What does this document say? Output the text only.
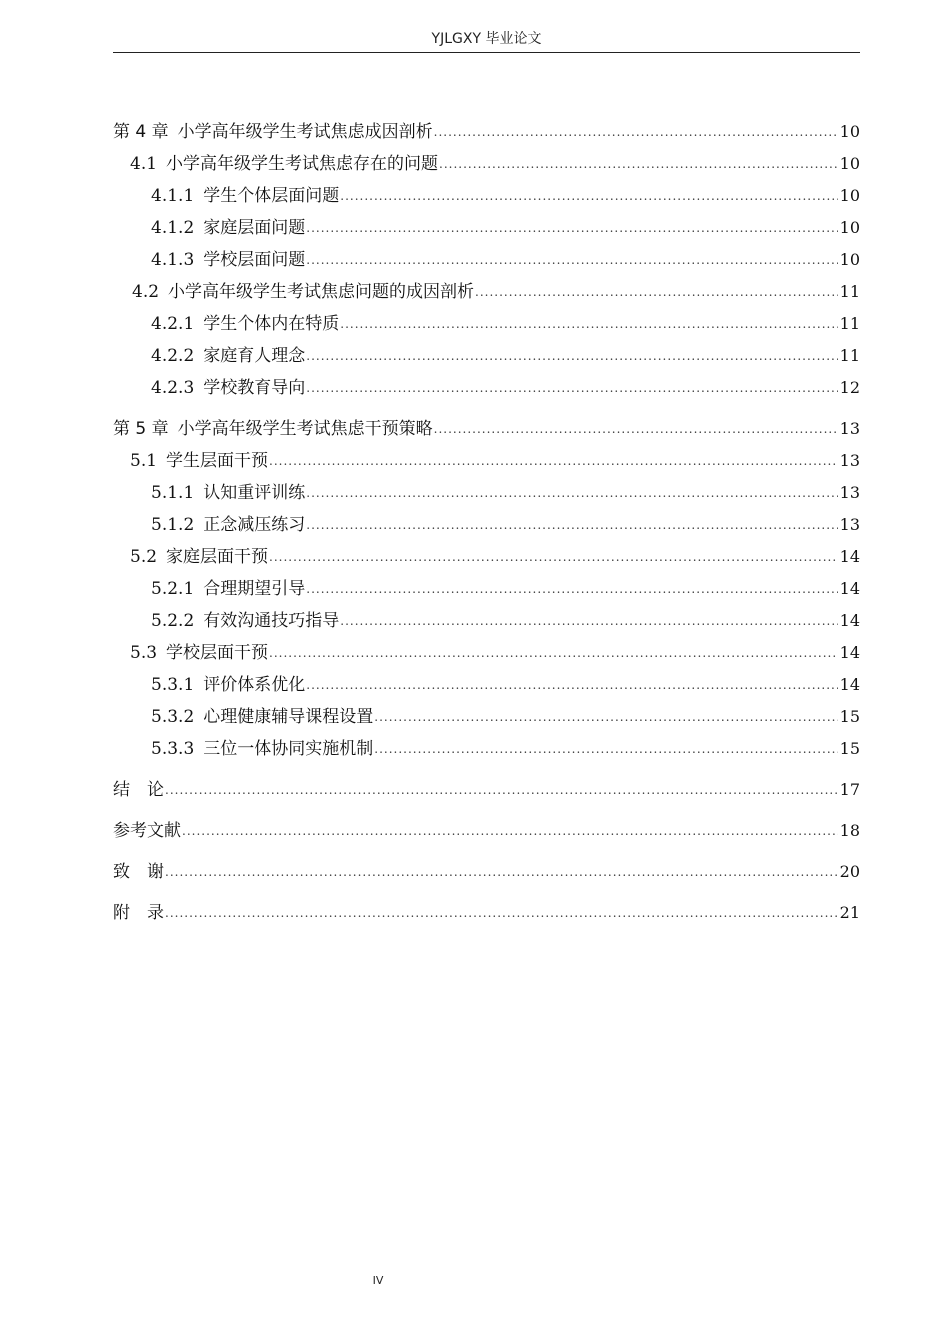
YJLGXY 毕业论文
第 4 章 小学高年级学生考试焦虑成因剖析 .....	10
4.1 小学高年级学生考试焦虑存在的问题 .....	10
4.1.1 学生个体层面问题 .....	10
4.1.2 家庭层面问题 .....	10
4.1.3 学校层面问题 .....	10
4.2 小学高年级学生考试焦虑问题的成因剖析 .....	11
4.2.1 学生个体内在特质 .....	11
4.2.2 家庭育人理念 .....	11
4.2.3 学校教育导向 .....	12
第 5 章 小学高年级学生考试焦虑干预策略 .....	13
5.1 学生层面干预 .....	13
5.1.1 认知重评训练 .....	13
5.1.2 正念减压练习 .....	13
5.2 家庭层面干预 .....	14
5.2.1 合理期望引导 .....	14
5.2.2 有效沟通技巧指导 .....	14
5.3 学校层面干预 .....	14
5.3.1 评价体系优化 .....	14
5.3.2 心理健康辅导课程设置 .....	15
5.3.3 三位一体协同实施机制 .....	15
结　论 .....	17
参考文献 .....	18
致　谢 .....	20
附　录 .....	21
IV
